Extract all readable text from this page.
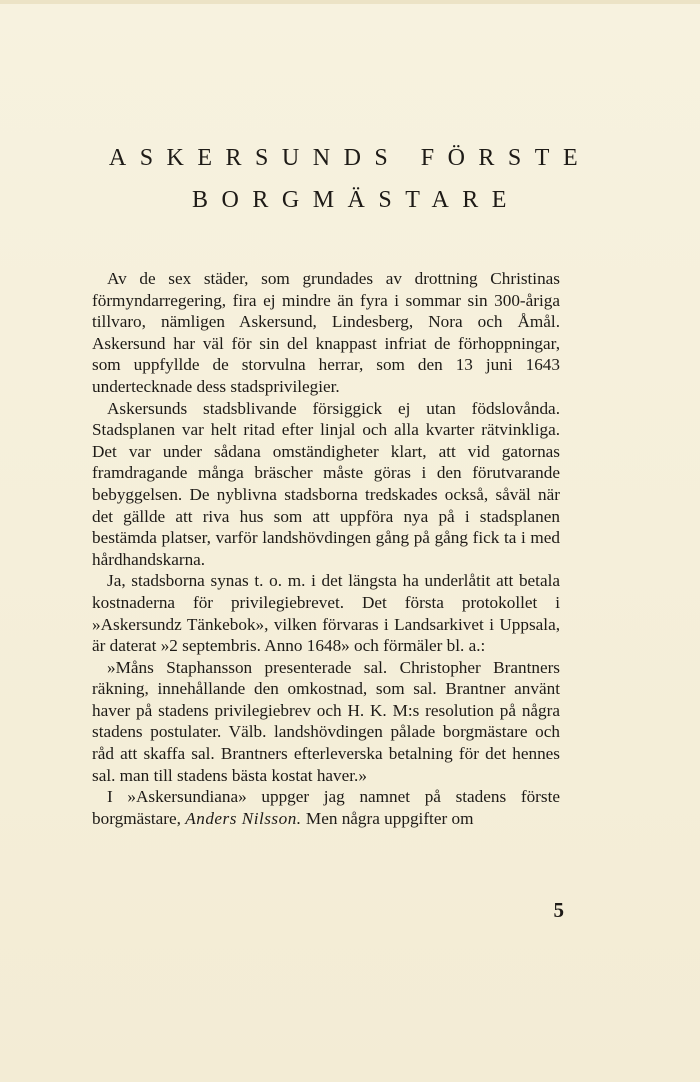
ASKERSUNDS FÖRSTE
BORGMÄSTARE

Av de sex städer, som grundades av drottning Christinas förmyndarregering, fira ej mindre än fyra i sommar sin 300-åriga tillvaro, nämligen Askersund, Lindesberg, Nora och Åmål. Askersund har väl för sin del knappast infriat de förhoppningar, som uppfyllde de storvulna herrar, som den 13 juni 1643 undertecknade dess stadsprivilegier.

Askersunds stadsblivande försiggick ej utan födslovånda. Stadsplanen var helt ritad efter linjal och alla kvarter rätvinkliga. Det var under sådana omständigheter klart, att vid gatornas framdragande många bräscher måste göras i den förutvarande bebyggelsen. De nyblivna stadsborna tredskades också, såväl när det gällde att riva hus som att uppföra nya på i stadsplanen bestämda platser, varför landshövdingen gång på gång fick ta i med hårdhandskarna.

Ja, stadsborna synas t. o. m. i det längsta ha underlåtit att betala kostnaderna för privilegiebrevet. Det första protokollet i »Askersundz Tänkebok», vilken förvaras i Landsarkivet i Uppsala, är daterat »2 septembris. Anno 1648» och förmäler bl. a.:

»Måns Staphansson presenterade sal. Christopher Brantners räkning, innehållande den omkostnad, som sal. Brantner använt haver på stadens privilegiebrev och H. K. M:s resolution på några stadens postulater. Välb. landshövdingen pålade borgmästare och råd att skaffa sal. Brantners efterleverska betalning för det hennes sal. man till stadens bästa kostat haver.»

I »Askersundiana» uppger jag namnet på stadens förste borgmästare, Anders Nilsson. Men några uppgifter om

5
